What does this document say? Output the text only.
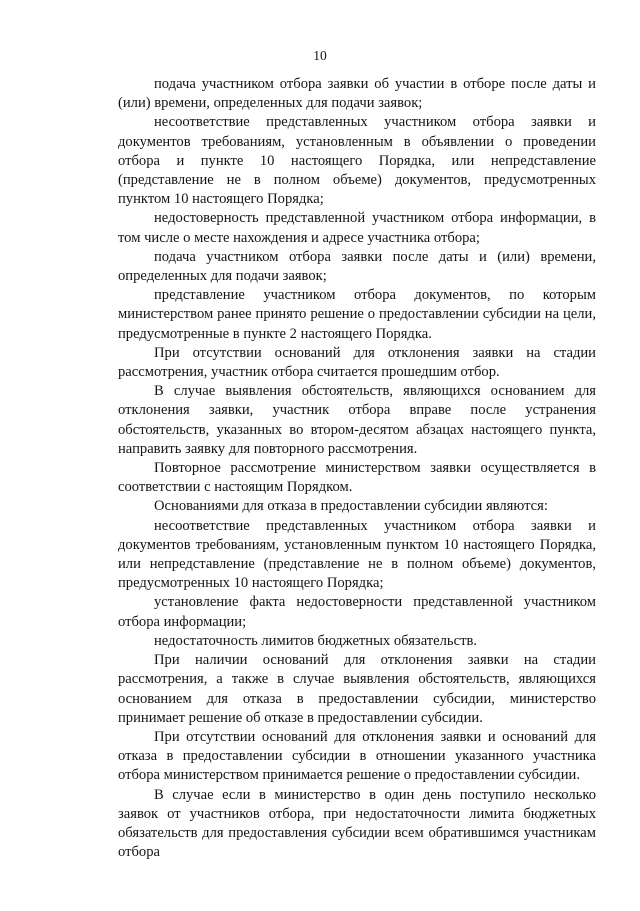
10

подача участником отбора заявки об участии в отборе после даты и (или) времени, определенных для подачи заявок;

несоответствие представленных участником отбора заявки и документов требованиям, установленным в объявлении о проведении отбора и пункте 10 настоящего Порядка, или непредставление (представление не в полном объеме) документов, предусмотренных пунктом 10 настоящего Порядка;

недостоверность представленной участником отбора информации, в том числе о месте нахождения и адресе участника отбора;

подача участником отбора заявки после даты и (или) времени, определенных для подачи заявок;

представление участником отбора документов, по которым министерством ранее принято решение о предоставлении субсидии на цели, предусмотренные в пункте 2 настоящего Порядка.

При отсутствии оснований для отклонения заявки на стадии рассмотрения, участник отбора считается прошедшим отбор.

В случае выявления обстоятельств, являющихся основанием для отклонения заявки, участник отбора вправе после устранения обстоятельств, указанных во втором-десятом абзацах настоящего пункта, направить заявку для повторного рассмотрения.

Повторное рассмотрение министерством заявки осуществляется в соответствии с настоящим Порядком.

Основаниями для отказа в предоставлении субсидии являются:

несоответствие представленных участником отбора заявки и документов требованиям, установленным пунктом 10 настоящего Порядка, или непредставление (представление не в полном объеме) документов, предусмотренных 10 настоящего Порядка;

установление факта недостоверности представленной участником отбора информации;

недостаточность лимитов бюджетных обязательств.

При наличии оснований для отклонения заявки на стадии рассмотрения, а также в случае выявления обстоятельств, являющихся основанием для отказа в предоставлении субсидии, министерство принимает решение об отказе в предоставлении субсидии.

При отсутствии оснований для отклонения заявки и оснований для отказа в предоставлении субсидии в отношении указанного участника отбора министерством принимается решение о предоставлении субсидии.

В случае если в министерство в один день поступило несколько заявок от участников отбора, при недостаточности лимита бюджетных обязательств для предоставления субсидии всем обратившимся участникам отбора
